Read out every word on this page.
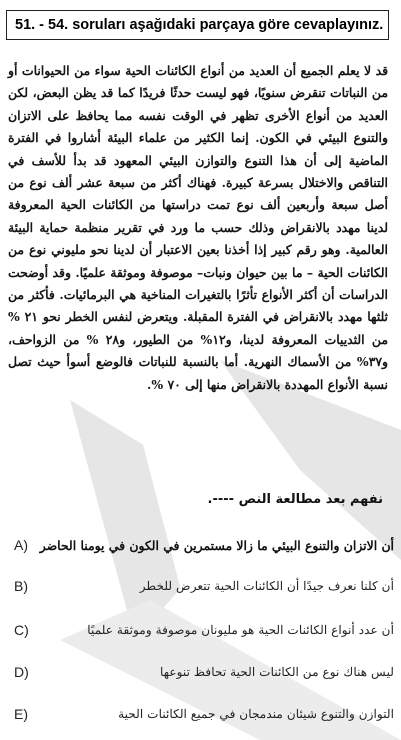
51. - 54. soruları aşağıdaki parçaya göre cevaplayınız.

قد لا يعلم الجميع أن العديد من أنواع الكائنات الحية سواء من الحيوانات أو من النباتات تنقرض سنويًا، فهو ليست حدثًا فريدًا كما قد يظن البعض، لكن العديد من أنواع الأخرى تظهر في الوقت نفسه مما يحافظ على الاتزان والتنوع البيئي في الكون. إنما الكثير من علماء البيئة أشاروا في الفترة الماضية إلى أن هذا التنوع والتوازن البيئي المعهود قد بدأ للأسف في التناقص والاختلال بسرعة كبيرة. فهناك أكثر من سبعة عشر ألف نوع من أصل سبعة وأربعين ألف نوع تمت دراستها من الكائنات الحية المعروفة لدينا مهدد بالانقراض وذلك حسب ما ورد في تقرير منظمة حماية البيئة العالمية. وهو رقم كبير إذا أخذنا بعين الاعتبار أن لدينا نحو مليوني نوع من الكائنات الحية – ما بين حيوان ونبات– موصوفة وموثقة علميًا. وقد أوضحت الدراسات أن أكثر الأنواع تأثرًا بالتغيرات المناخية هي البرمائيات. فأكثر من ثلثها مهدد بالانقراض في الفترة المقبلة. ويتعرض لنفس الخطر نحو ٢١ % من الثدييات المعروفة لدينا، و١٢% من الطيور، و٢٨ % من الزواحف، و٣٧% من الأسماك النهرية. أما بالنسبة للنباتات فالوضع أسوأ حيث تصل نسبة الأنواع المهددة بالانقراض منها إلى ٧٠ %.

نفهم بعد مطالعة النص ----.
A) أن الاتزان والتنوع البيئي ما زالا مستمرين في الكون في يومنا الحاضر
B)	أن كلنا نعرف جيدًا أن الكائنات الحية تتعرض للخطر
C)	أن عدد أنواع الكائنات الحية هو مليونان موصوفة وموثقة علميًا
D)	ليس هناك نوع من الكائنات الحية تحافظ تنوعها
E)	التوازن والتنوع شيئان مندمجان في جميع الكائنات الحية
